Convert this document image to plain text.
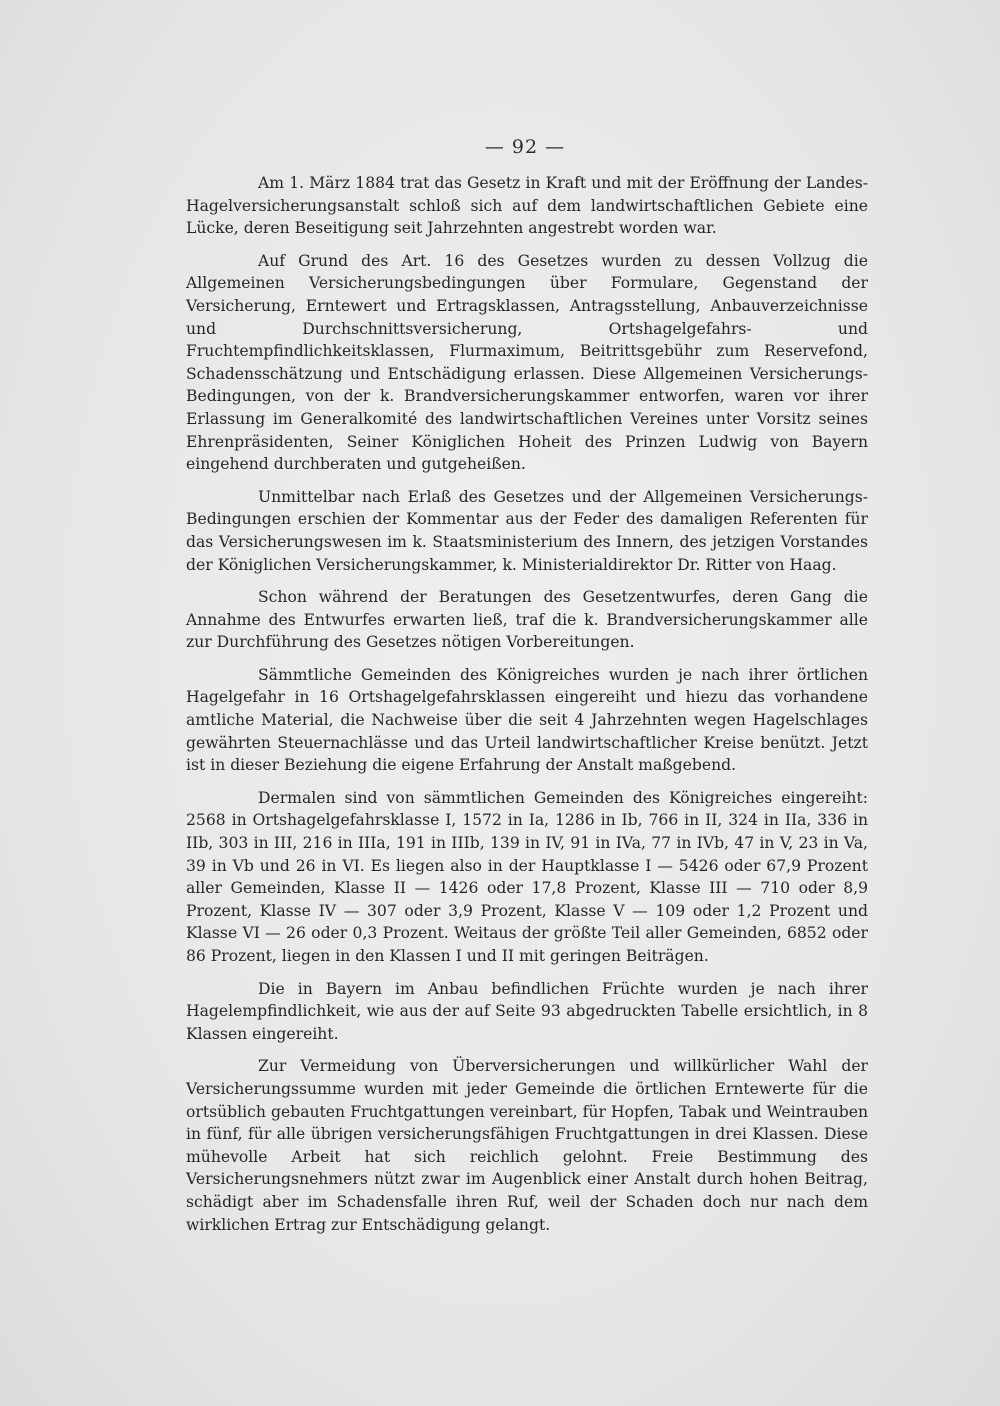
— 92 —

Am 1. März 1884 trat das Gesetz in Kraft und mit der Eröffnung der Landes-Hagelversicherungsanstalt schloß sich auf dem landwirtschaftlichen Gebiete eine Lücke, deren Beseitigung seit Jahrzehnten angestrebt worden war.

Auf Grund des Art. 16 des Gesetzes wurden zu dessen Vollzug die Allgemeinen Versicherungsbedingungen über Formulare, Gegenstand der Versicherung, Erntewert und Ertragsklassen, Antragsstellung, Anbauverzeichnisse und Durchschnittsversicherung, Ortshagelgefahrs- und Fruchtempfindlichkeitsklassen, Flurmaximum, Beitrittsgebühr zum Reservefond, Schadensschätzung und Entschädigung erlassen. Diese Allgemeinen Versicherungs-Bedingungen, von der k. Brandversicherungskammer entworfen, waren vor ihrer Erlassung im Generalkomité des landwirtschaftlichen Vereines unter Vorsitz seines Ehrenpräsidenten, Seiner Königlichen Hoheit des Prinzen Ludwig von Bayern eingehend durchberaten und gutgeheißen.

Unmittelbar nach Erlaß des Gesetzes und der Allgemeinen Versicherungs-Bedingungen erschien der Kommentar aus der Feder des damaligen Referenten für das Versicherungswesen im k. Staatsministerium des Innern, des jetzigen Vorstandes der Königlichen Versicherungskammer, k. Ministerialdirektor Dr. Ritter von Haag.

Schon während der Beratungen des Gesetzentwurfes, deren Gang die Annahme des Entwurfes erwarten ließ, traf die k. Brandversicherungskammer alle zur Durchführung des Gesetzes nötigen Vorbereitungen.

Sämmtliche Gemeinden des Königreiches wurden je nach ihrer örtlichen Hagelgefahr in 16 Ortshagelgefahrsklassen eingereiht und hiezu das vorhandene amtliche Material, die Nachweise über die seit 4 Jahrzehnten wegen Hagelschlages gewährten Steuernachlässe und das Urteil landwirtschaftlicher Kreise benützt. Jetzt ist in dieser Beziehung die eigene Erfahrung der Anstalt maßgebend.

Dermalen sind von sämmtlichen Gemeinden des Königreiches eingereiht: 2568 in Ortshagelgefahrsklasse I, 1572 in Ia, 1286 in Ib, 766 in II, 324 in IIa, 336 in IIb, 303 in III, 216 in IIIa, 191 in IIIb, 139 in IV, 91 in IVa, 77 in IVb, 47 in V, 23 in Va, 39 in Vb und 26 in VI. Es liegen also in der Hauptklasse I — 5426 oder 67,9 Prozent aller Gemeinden, Klasse II — 1426 oder 17,8 Prozent, Klasse III — 710 oder 8,9 Prozent, Klasse IV — 307 oder 3,9 Prozent, Klasse V — 109 oder 1,2 Prozent und Klasse VI — 26 oder 0,3 Prozent. Weitaus der größte Teil aller Gemeinden, 6852 oder 86 Prozent, liegen in den Klassen I und II mit geringen Beiträgen.

Die in Bayern im Anbau befindlichen Früchte wurden je nach ihrer Hagelempfindlichkeit, wie aus der auf Seite 93 abgedruckten Tabelle ersichtlich, in 8 Klassen eingereiht.

Zur Vermeidung von Überversicherungen und willkürlicher Wahl der Versicherungssumme wurden mit jeder Gemeinde die örtlichen Erntewerte für die ortsüblich gebauten Fruchtgattungen vereinbart, für Hopfen, Tabak und Weintrauben in fünf, für alle übrigen versicherungsfähigen Fruchtgattungen in drei Klassen. Diese mühevolle Arbeit hat sich reichlich gelohnt. Freie Bestimmung des Versicherungsnehmers nützt zwar im Augenblick einer Anstalt durch hohen Beitrag, schädigt aber im Schadensfalle ihren Ruf, weil der Schaden doch nur nach dem wirklichen Ertrag zur Entschädigung gelangt.
